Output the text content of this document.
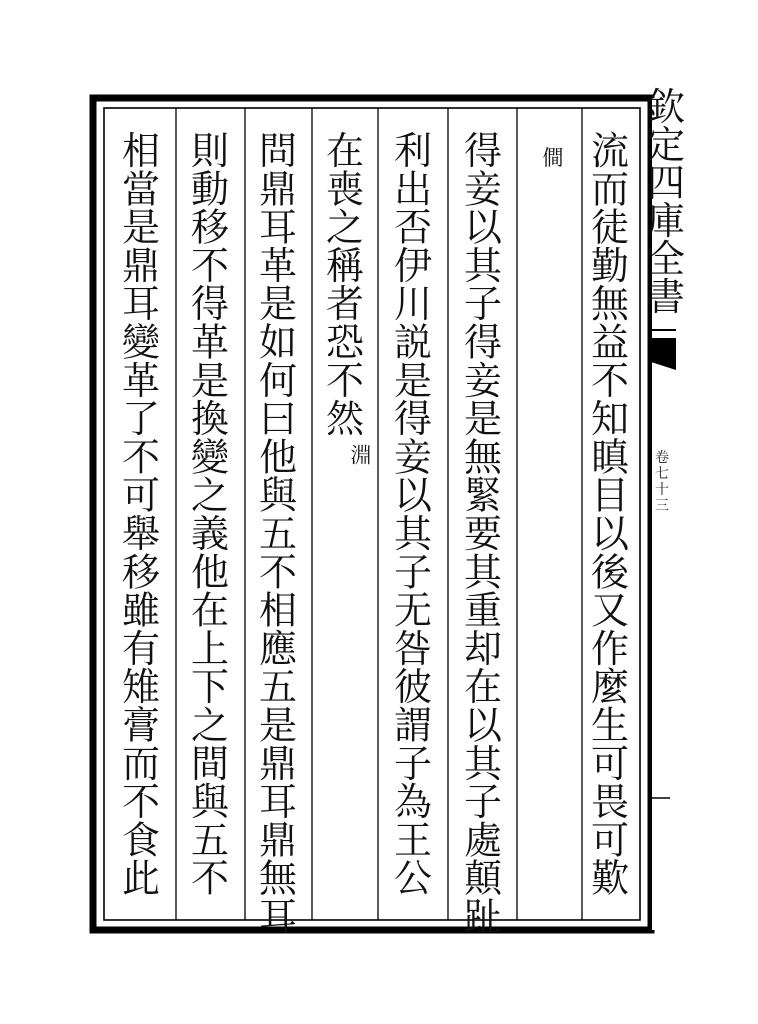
流
而
徒
勤
無
益
不
知
瞋
目
以
後
又
作
麼
生
可
畏
可
歎
僴
得
妾
以
其
子
得
妾
是
無
緊
要
其
重
却
在
以
其
子
處
顛
趾
利
出
否
伊
川
説
是
得
妾
以
其
子
无
咎
彼
謂
子
為
王
公
在
喪
之
稱
者
恐
不
然
淵
問
鼎
耳
革
是
如
何
曰
他
與
五
不
相
應
五
是
鼎
耳
鼎
無
耳
則
動
移
不
得
革
是
換
變
之
義
他
在
上
下
之
間
與
五
不
相
當
是
鼎
耳
變
革
了
不
可
舉
移
雖
有
雉
膏
而
不
食
此
欽
定
四
庫
全
書
卷
七
十
三
